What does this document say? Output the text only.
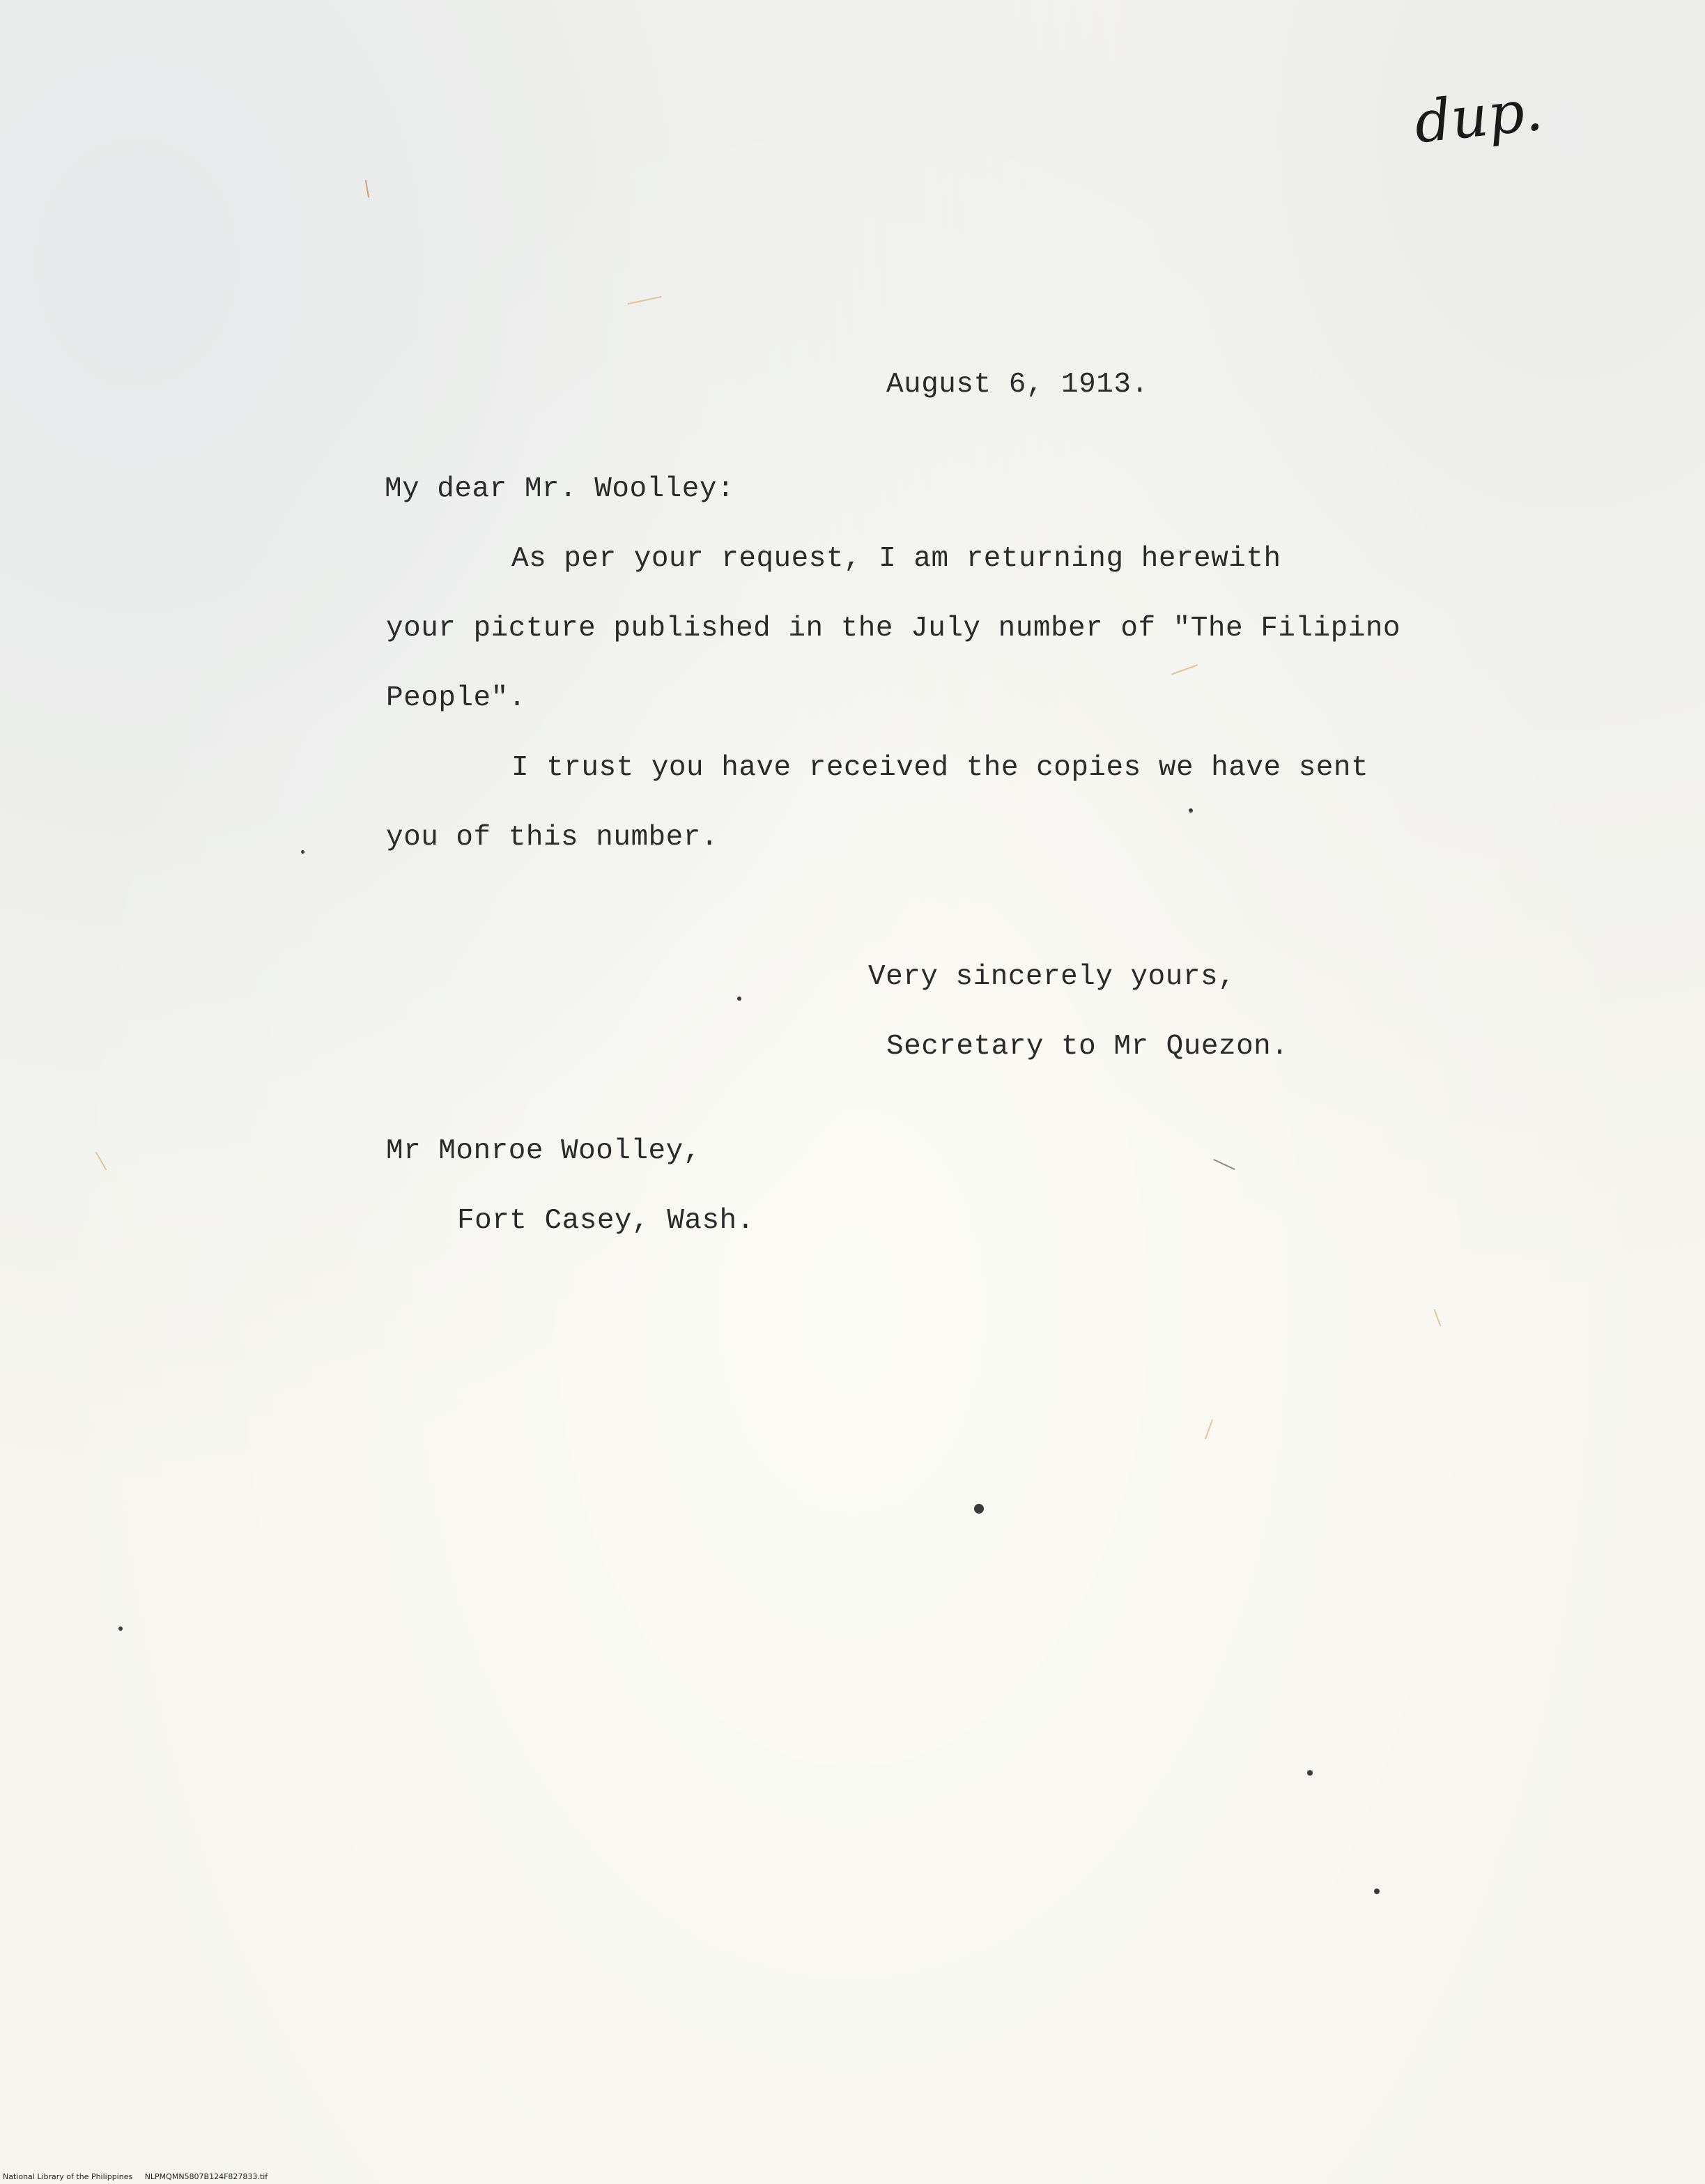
dup.
August 6, 1913.
My dear Mr. Woolley:
As per your request, I am returning herewith
your picture published in the July number of "The Filipino
People".
I trust you have received the copies we have sent
you of this number.
Very sincerely yours,
Secretary to Mr Quezon.
Mr Monroe Woolley,
Fort Casey, Wash.
National Library of the Philippines     NLPMQMN5807B124F827833.tif
